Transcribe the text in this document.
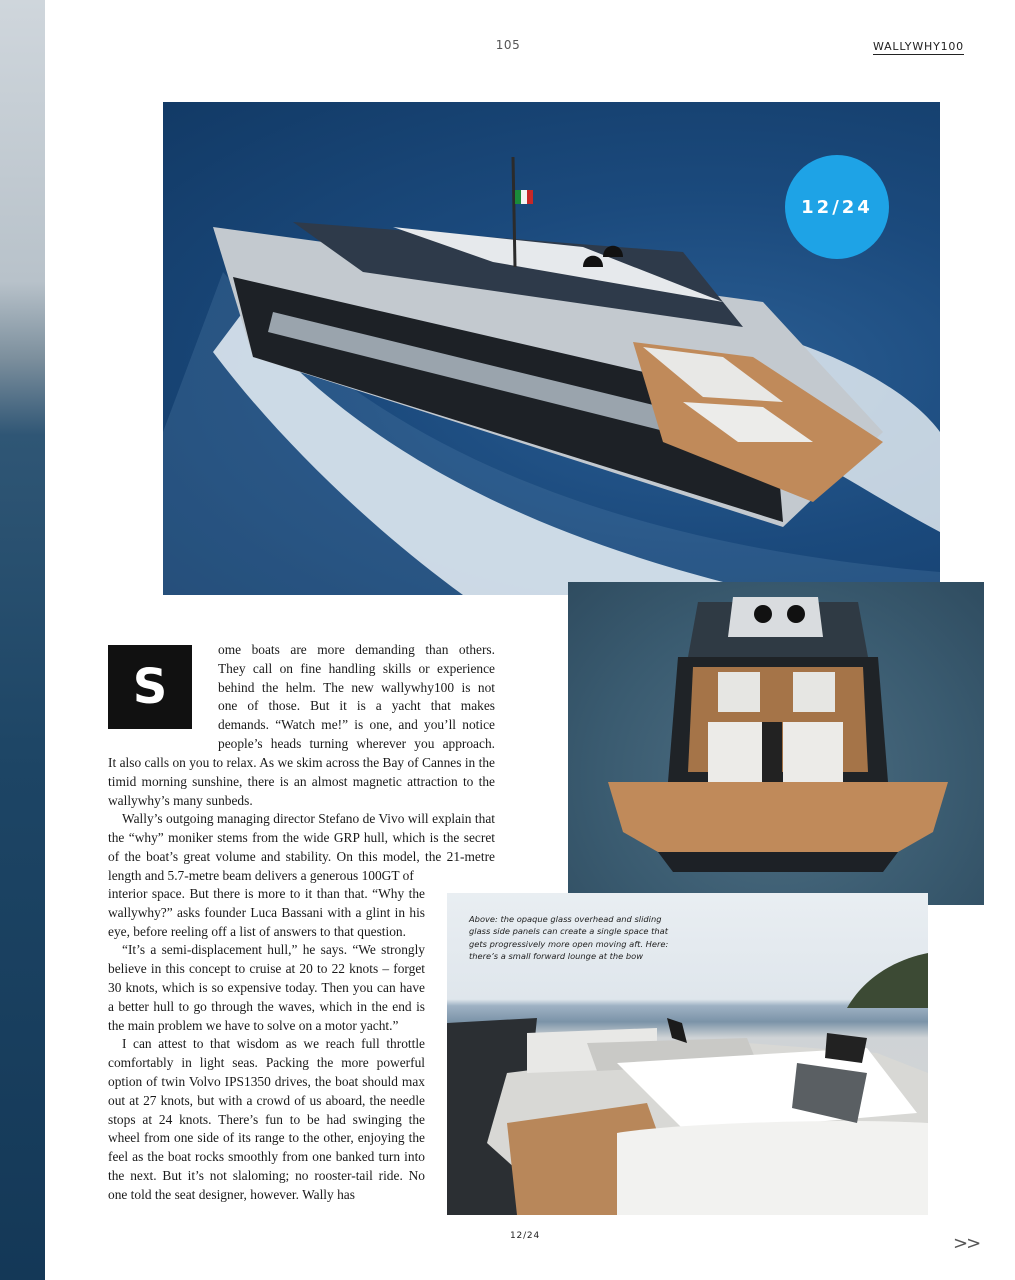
105	WALLYWHY100
12/24
Above: the opaque glass overhead and sliding glass side panels can create a single space that gets progressively more open moving aft. Here: there’s a small forward lounge at the bow
S

ome boats are more demanding than others.

They call on fine handling skills or experience

behind the helm. The new wallywhy100 is not

one of those. But it is a yacht that makes

demands. “Watch me!” is one, and you’ll notice

people’s heads turning wherever you approach.

It also calls on you to relax. As we skim across the Bay of Cannes in the timid morning sunshine, there is an almost magnetic attraction to the wallywhy’s many sunbeds.

Wally’s outgoing managing director Stefano de Vivo will explain that the “why” moniker stems from the wide GRP hull, which is the secret of the boat’s great volume and stability. On this model, the 21-metre length and 5.7-metre beam delivers a generous 100GT of

interior space. But there is more to it than that. “Why the wallywhy?” asks founder Luca Bassani with a glint in his eye, before reeling off a list of answers to that question.

“It’s a semi-displacement hull,” he says. “We strongly believe in this concept to cruise at 20 to 22 knots – forget 30 knots, which is so expensive today. Then you can have a better hull to go through the waves, which in the end is the main problem we have to solve on a motor yacht.”

I can attest to that wisdom as we reach full throttle comfortably in light seas. Packing the more powerful option of twin Volvo IPS1350 drives, the boat should max out at 27 knots, but with a crowd of us aboard, the needle stops at 24 knots. There’s fun to be had swinging the wheel from one side of its range to the other, enjoying the feel as the boat rocks smoothly from one banked turn into the next. But it’s not slaloming; no rooster-tail ride. No one told the seat designer, however. Wally has

12/24	>>
